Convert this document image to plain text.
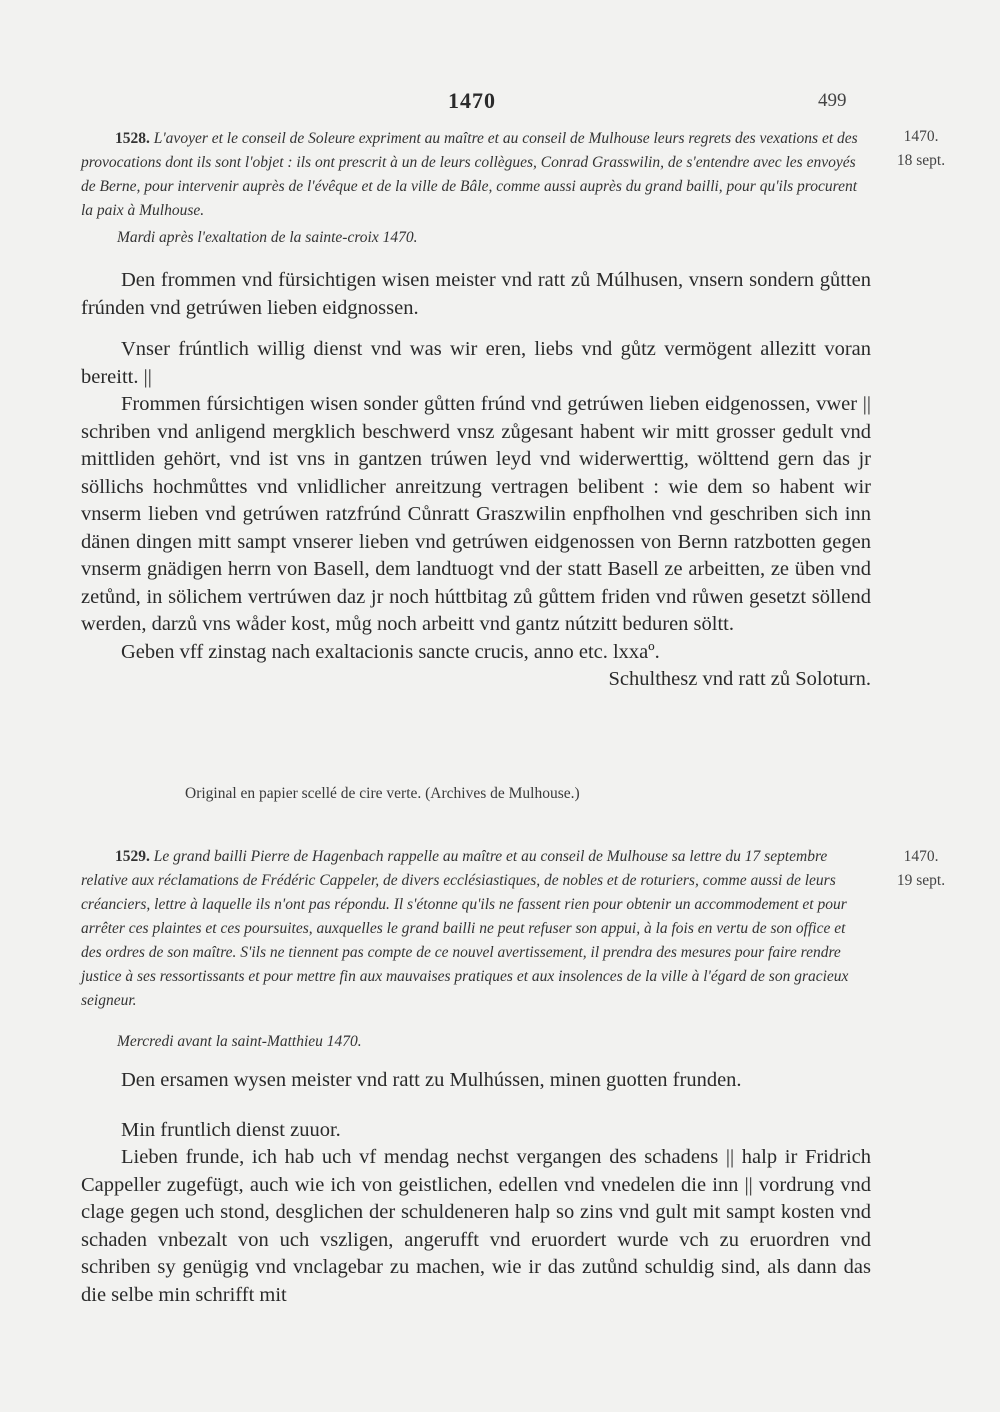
1470	499
1470.
18 sept.
1528. L'avoyer et le conseil de Soleure expriment au maître et au conseil de Mulhouse leurs regrets des vexations et des provocations dont ils sont l'objet : ils ont prescrit à un de leurs collègues, Conrad Grasswilin, de s'entendre avec les envoyés de Berne, pour intervenir auprès de l'évêque et de la ville de Bâle, comme aussi auprès du grand bailli, pour qu'ils procurent la paix à Mulhouse.
Mardi après l'exaltation de la sainte-croix 1470.

Den frommen vnd fürsichtigen wisen meister vnd ratt zů Múlhusen, vnsern sondern gůtten frúnden vnd getrúwen lieben eidgnossen.

Vnser frúntlich willig dienst vnd was wir eren, liebs vnd gůtz vermögent allezitt voran bereitt. ||

Frommen fúrsichtigen wisen sonder gůtten frúnd vnd getrúwen lieben eidgenossen, vwer || schriben vnd anligend mergklich beschwerd vnsz zůgesant habent wir mitt grosser gedult vnd mittliden gehört, vnd ist vns in gantzen trúwen leyd vnd widerwerttig, wölttend gern das jr söllichs hochmůttes vnd vnlidlicher anreitzung vertragen belibent : wie dem so habent wir vnserm lieben vnd getrúwen ratzfrúnd Cůnratt Graszwilin enpfholhen vnd geschriben sich inn dänen dingen mitt sampt vnserer lieben vnd getrúwen eidgenossen von Bernn ratzbotten gegen vnserm gnädigen herrn von Basell, dem landtuogt vnd der statt Basell ze arbeitten, ze üben vnd zetůnd, in sölichem vertrúwen daz jr noch húttbitag zů gůttem friden vnd růwen gesetzt söllend werden, darzů vns wåder kost, můg noch arbeitt vnd gantz nútzitt beduren söltt.

Geben vff zinstag nach exaltacionis sancte crucis, anno etc. lxxaº.

Schulthesz vnd ratt zů Soloturn.

Original en papier scellé de cire verte. (Archives de Mulhouse.)
1470.
19 sept.
1529. Le grand bailli Pierre de Hagenbach rappelle au maître et au conseil de Mulhouse sa lettre du 17 septembre relative aux réclamations de Frédéric Cappeler, de divers ecclésiastiques, de nobles et de roturiers, comme aussi de leurs créanciers, lettre à laquelle ils n'ont pas répondu. Il s'étonne qu'ils ne fassent rien pour obtenir un accommodement et pour arrêter ces plaintes et ces poursuites, auxquelles le grand bailli ne peut refuser son appui, à la fois en vertu de son office et des ordres de son maître. S'ils ne tiennent pas compte de ce nouvel avertissement, il prendra des mesures pour faire rendre justice à ses ressortissants et pour mettre fin aux mauvaises pratiques et aux insolences de la ville à l'égard de son gracieux seigneur.
Mercredi avant la saint-Matthieu 1470.

Den ersamen wysen meister vnd ratt zu Mulhússen, minen guotten frunden.

Min fruntlich dienst zuuor.

Lieben frunde, ich hab uch vf mendag nechst vergangen des schadens || halp ir Fridrich Cappeller zugefügt, auch wie ich von geistlichen, edellen vnd vnedelen die inn || vordrung vnd clage gegen uch stond, desglichen der schuldeneren halp so zins vnd gult mit sampt kosten vnd schaden vnbezalt von uch vszligen, angerufft vnd eruordert wurde vch zu eruordren vnd schriben sy genügig vnd vnclagebar zu machen, wie ir das zutůnd schuldig sind, als dann das die selbe min schrifft mit
